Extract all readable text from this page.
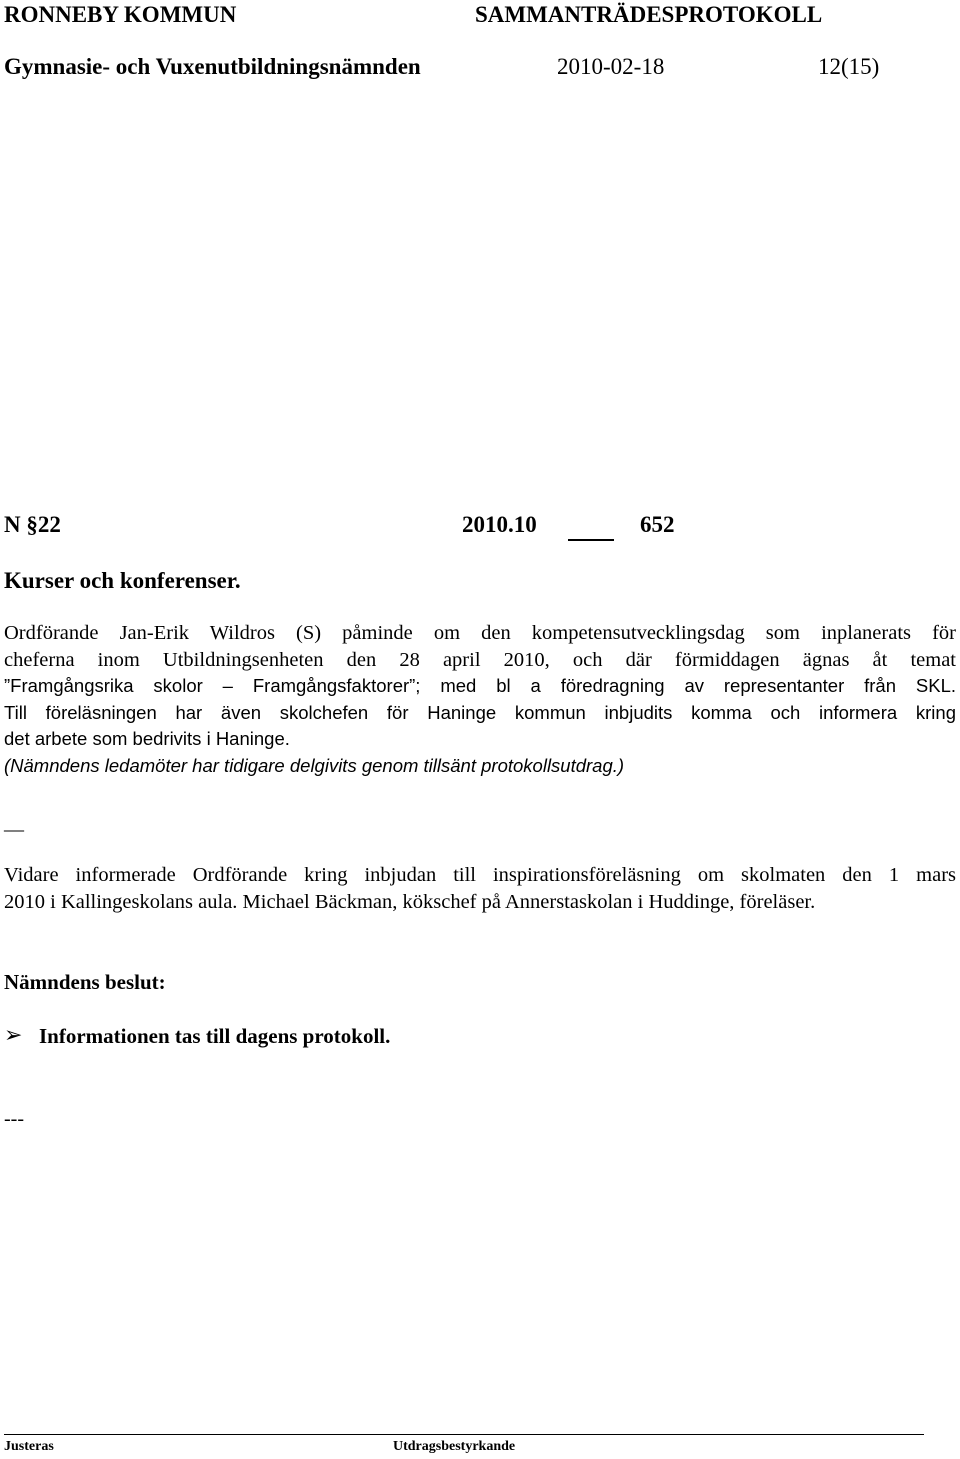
RONNEBY KOMMUN	SAMMANTRÄDESPROTOKOLL
Gymnasie- och Vuxenutbildningsnämnden	2010-02-18	12(15)
N §22	2010.10	652
Kurser och konferenser.
Ordförande Jan-Erik Wildros (S) påminde om den kompetensutvecklingsdag som inplanerats för
cheferna inom Utbildningsenheten den 28 april 2010, och där förmiddagen ägnas åt temat
”Framgångsrika skolor – Framgångsfaktorer”; med bl a föredragning av representanter från SKL.
Till föreläsningen har även skolchefen för Haninge kommun inbjudits komma och informera kring
det arbete som bedrivits i Haninge.
(Nämndens ledamöter har tidigare delgivits genom tillsänt protokollsutdrag.)
__
Vidare informerade Ordförande kring inbjudan till inspirationsföreläsning om skolmaten den 1 mars
2010 i Kallingeskolans aula. Michael Bäckman, kökschef på Annerstaskolan i Huddinge, föreläser.
Nämndens beslut:
➢ Informationen tas till dagens protokoll.
---
Justeras	Utdragsbestyrkande
